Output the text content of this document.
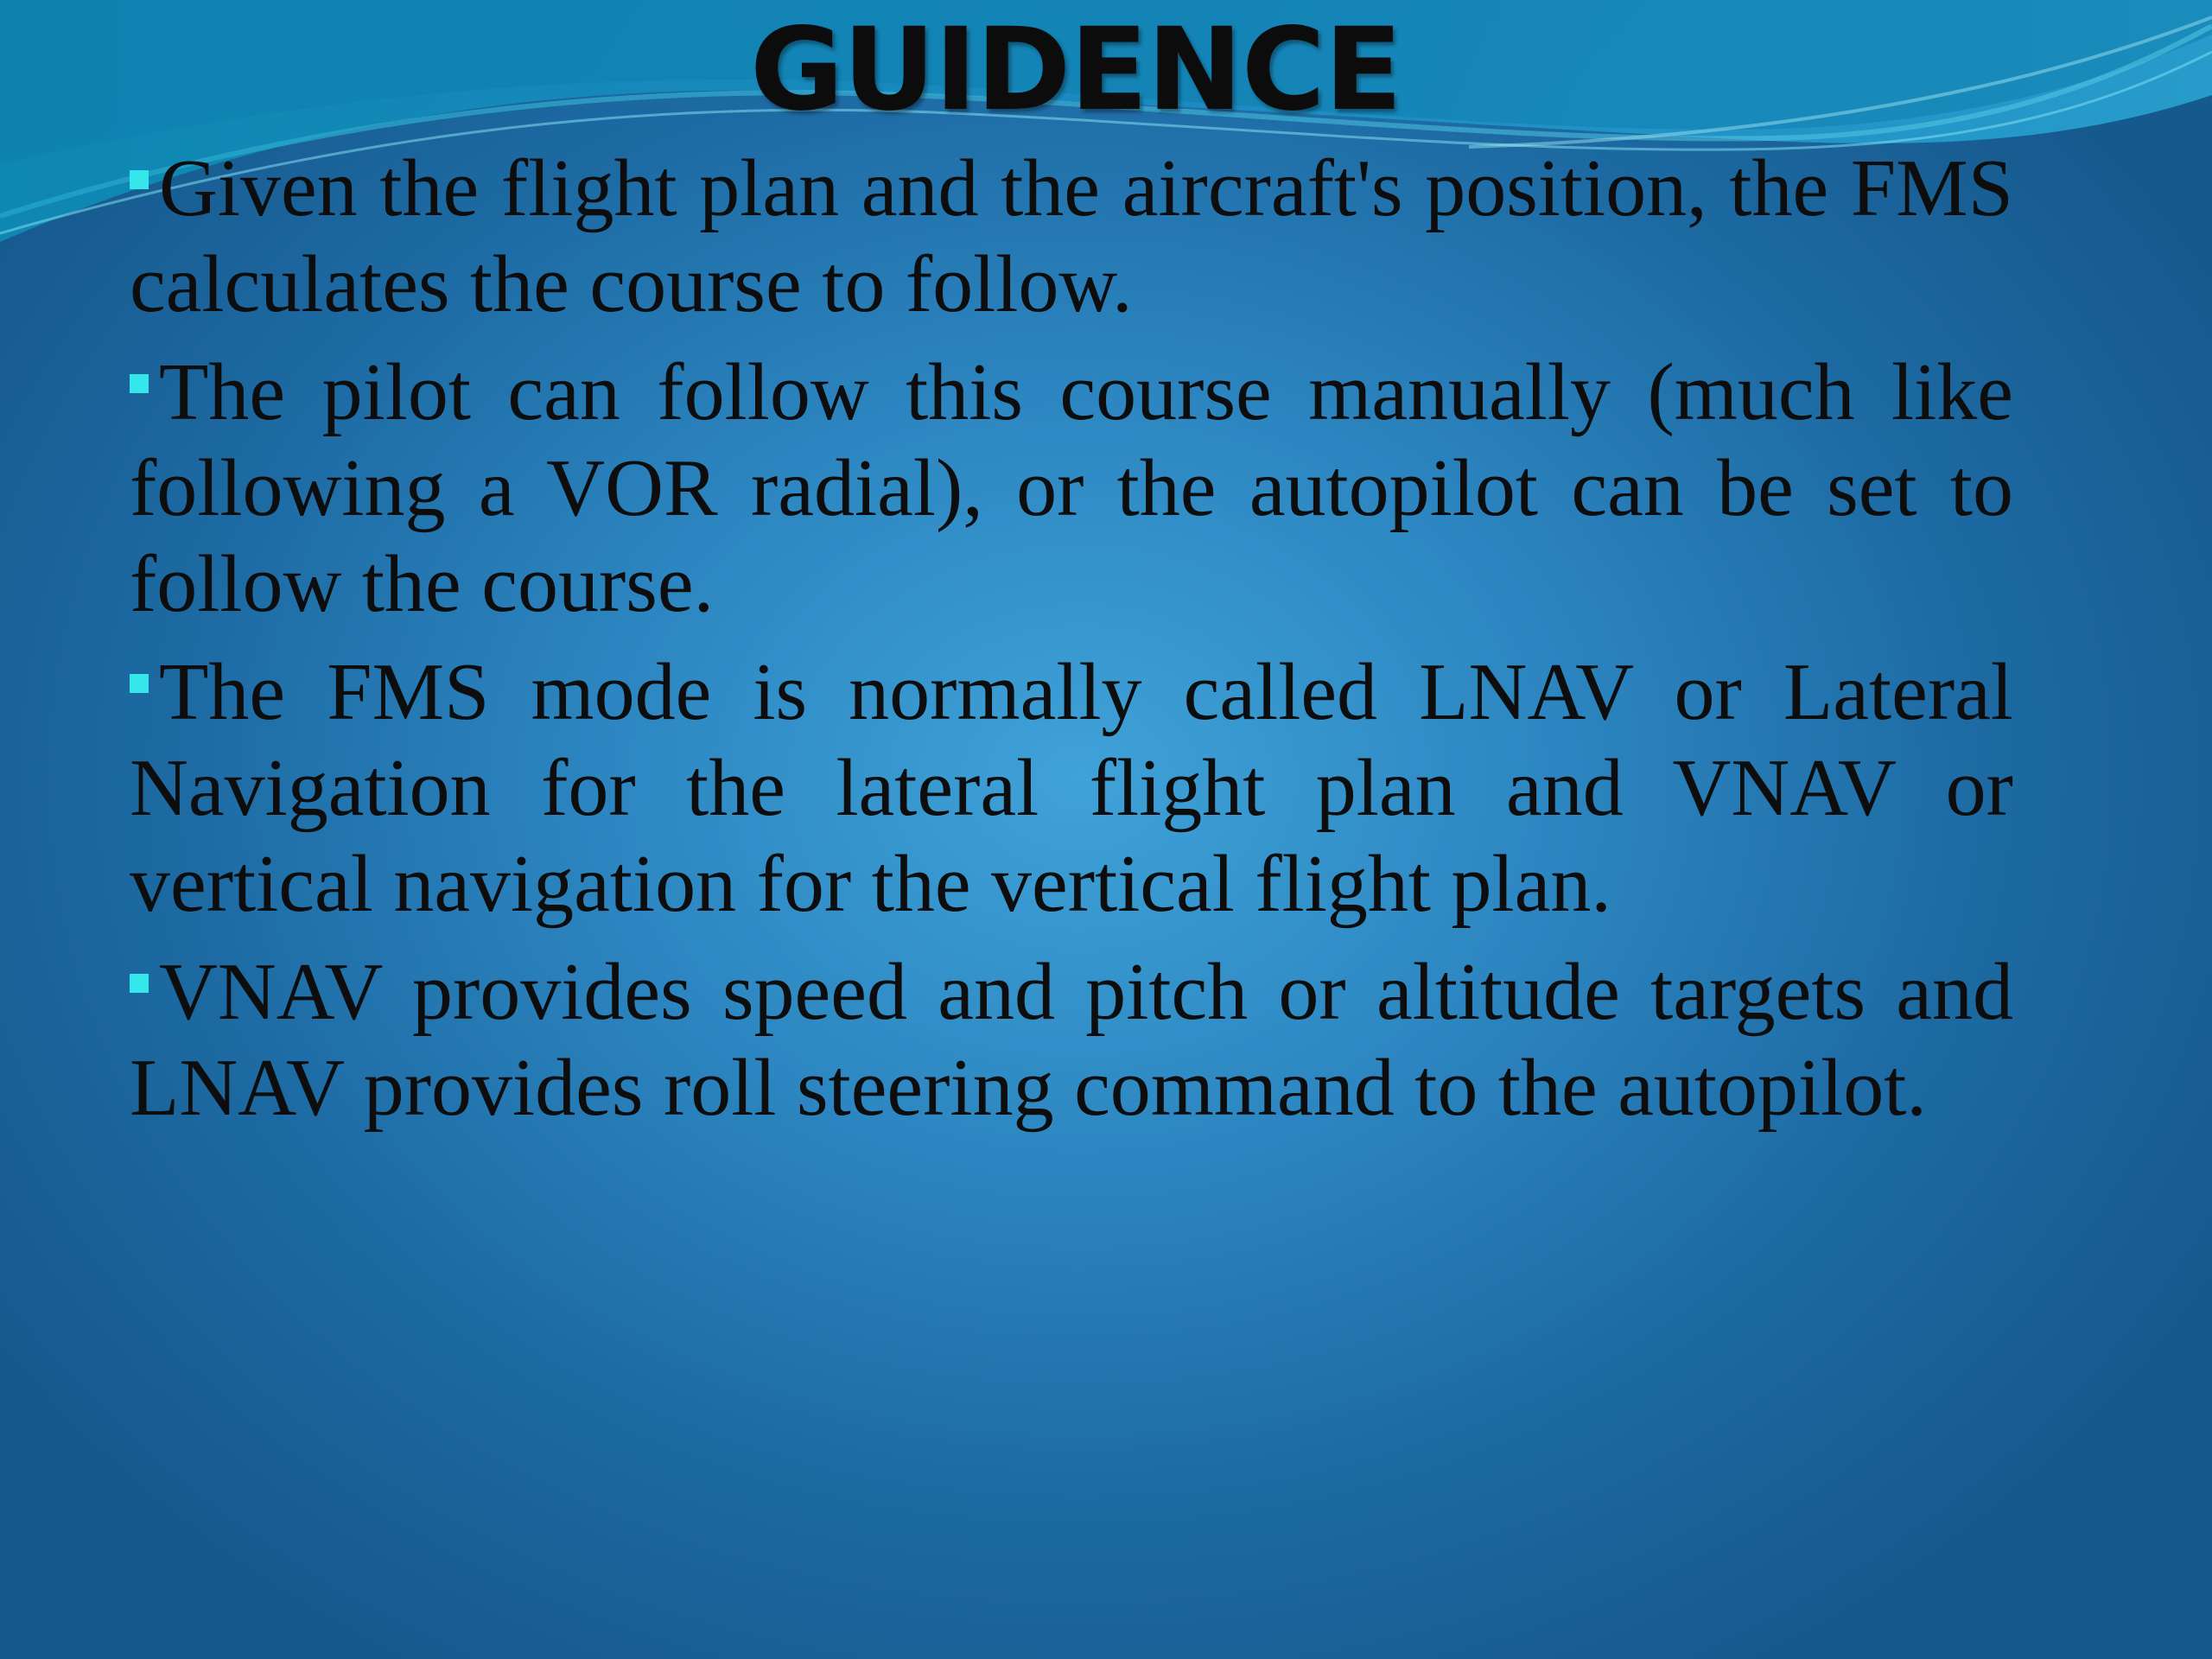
GUIDENCE

Given the flight plan and the aircraft's position, the FMS calculates the course to follow.

The pilot can follow this course manually (much like following a VOR radial), or the autopilot can be set to follow the course.

The FMS mode is normally called LNAV or Lateral Navigation for the lateral flight plan and VNAV or vertical navigation for the vertical flight plan.

VNAV provides speed and pitch or altitude targets and LNAV provides roll steering command to the autopilot.
